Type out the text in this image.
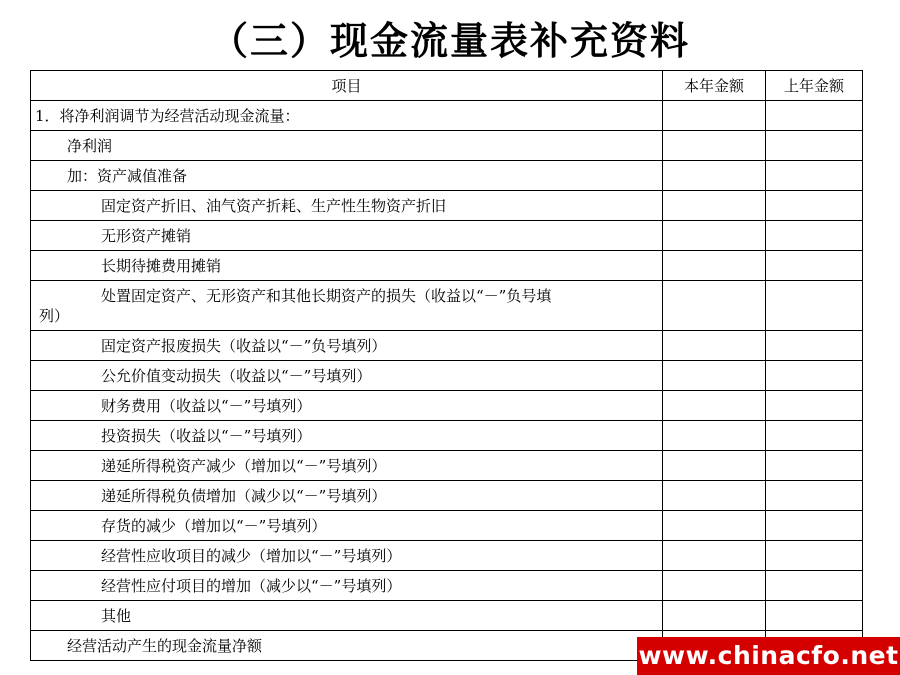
（三）现金流量表补充资料
项目	本年金额	上年金额
1．将净利润调节为经营活动现金流量：		
净利润		
加：资产减值准备		
固定资产折旧、油气资产折耗、生产性生物资产折旧		
无形资产摊销		
长期待摊费用摊销		

处置固定资产、无形资产和其他长期资产的损失（收益以“－”负号填
列）		
固定资产报废损失（收益以“－”负号填列）		
公允价值变动损失（收益以“－”号填列）		
财务费用（收益以“－”号填列）		
投资损失（收益以“－”号填列）		
递延所得税资产减少（增加以“－”号填列）		
递延所得税负债增加（减少以“－”号填列）		
存货的减少（增加以“－”号填列）		
经营性应收项目的减少（增加以“－”号填列）		
经营性应付项目的增加（减少以“－”号填列）		
其他		
经营活动产生的现金流量净额			www.chinacfo.net
